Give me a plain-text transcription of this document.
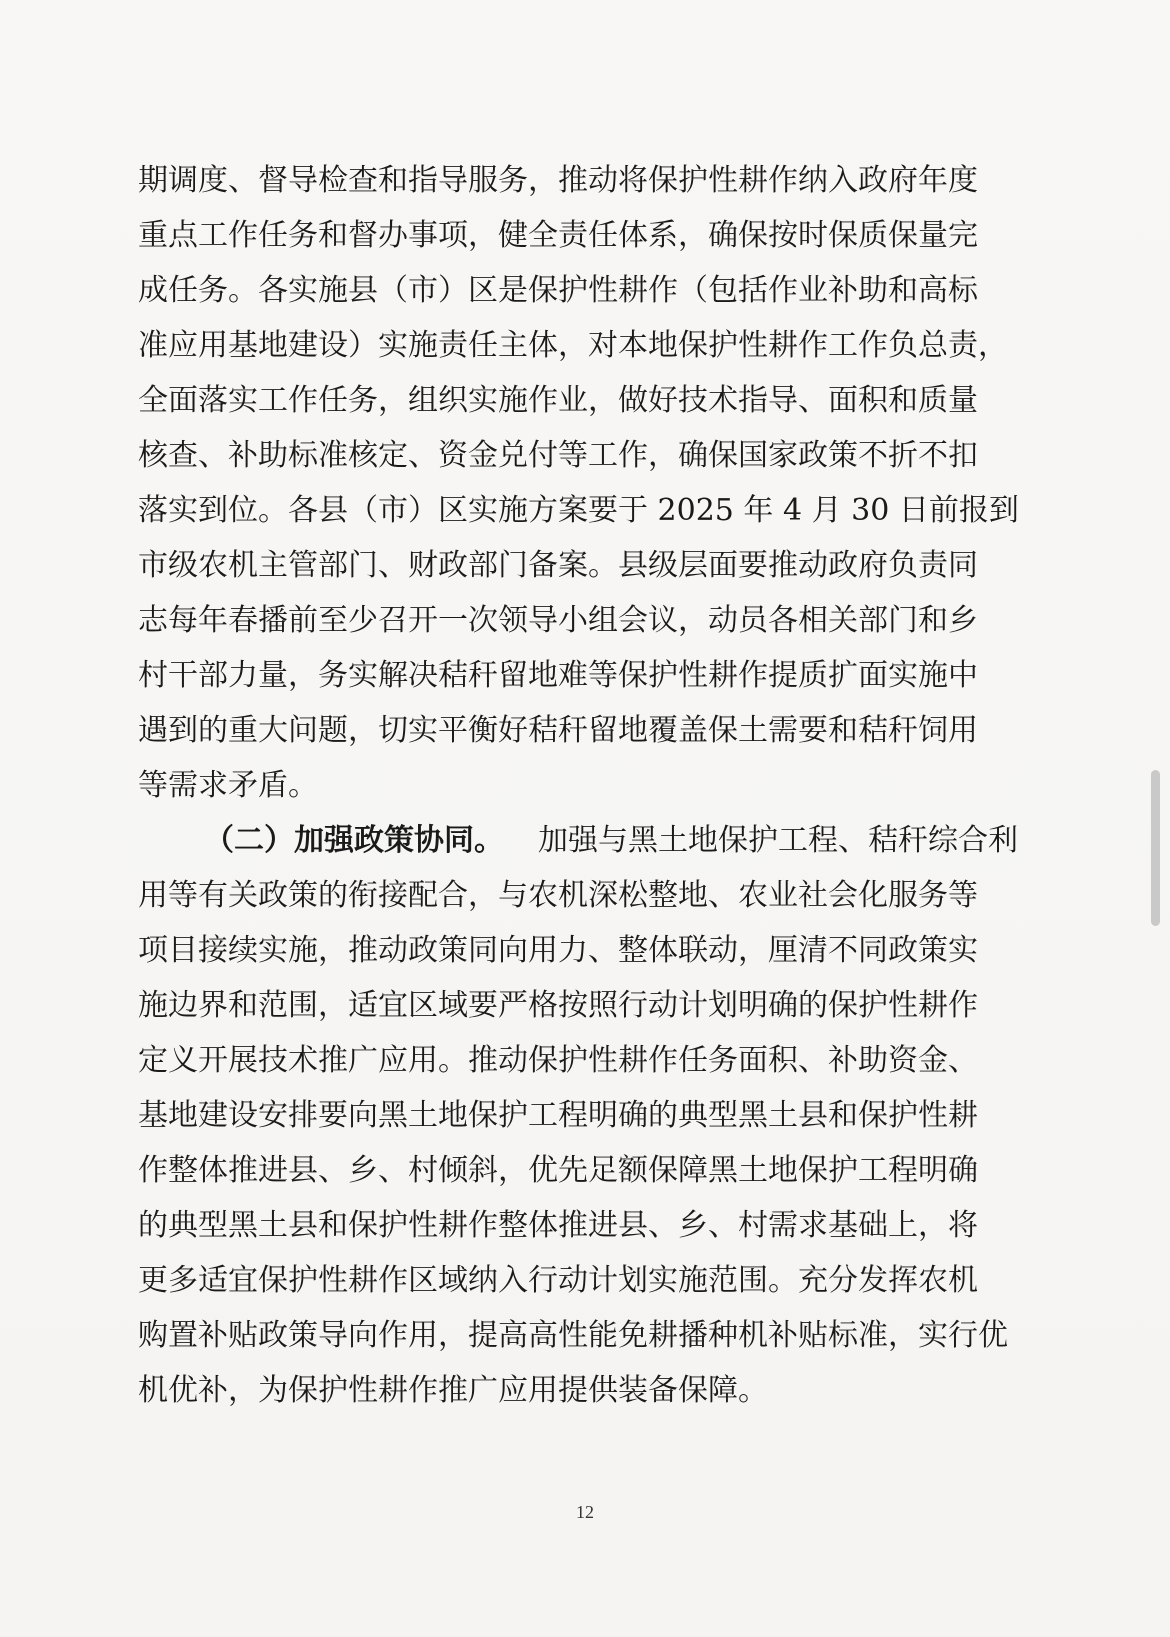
期调度、督导检查和指导服务，推动将保护性耕作纳入政府年度
重点工作任务和督办事项，健全责任体系，确保按时保质保量完
成任务。各实施县（市）区是保护性耕作（包括作业补助和高标
准应用基地建设）实施责任主体，对本地保护性耕作工作负总责，
全面落实工作任务，组织实施作业，做好技术指导、面积和质量
核查、补助标准核定、资金兑付等工作，确保国家政策不折不扣
落实到位。各县（市）区实施方案要于 2025 年 4 月 30 日前报到
市级农机主管部门、财政部门备案。县级层面要推动政府负责同
志每年春播前至少召开一次领导小组会议，动员各相关部门和乡
村干部力量，务实解决秸秆留地难等保护性耕作提质扩面实施中
遇到的重大问题，切实平衡好秸秆留地覆盖保土需要和秸秆饲用
等需求矛盾。
（二）加强政策协同。 加强与黑土地保护工程、秸秆综合利
用等有关政策的衔接配合，与农机深松整地、农业社会化服务等
项目接续实施，推动政策同向用力、整体联动，厘清不同政策实
施边界和范围，适宜区域要严格按照行动计划明确的保护性耕作
定义开展技术推广应用。推动保护性耕作任务面积、补助资金、
基地建设安排要向黑土地保护工程明确的典型黑土县和保护性耕
作整体推进县、乡、村倾斜，优先足额保障黑土地保护工程明确
的典型黑土县和保护性耕作整体推进县、乡、村需求基础上，将
更多适宜保护性耕作区域纳入行动计划实施范围。充分发挥农机
购置补贴政策导向作用，提高高性能免耕播种机补贴标准，实行优
机优补，为保护性耕作推广应用提供装备保障。
12
